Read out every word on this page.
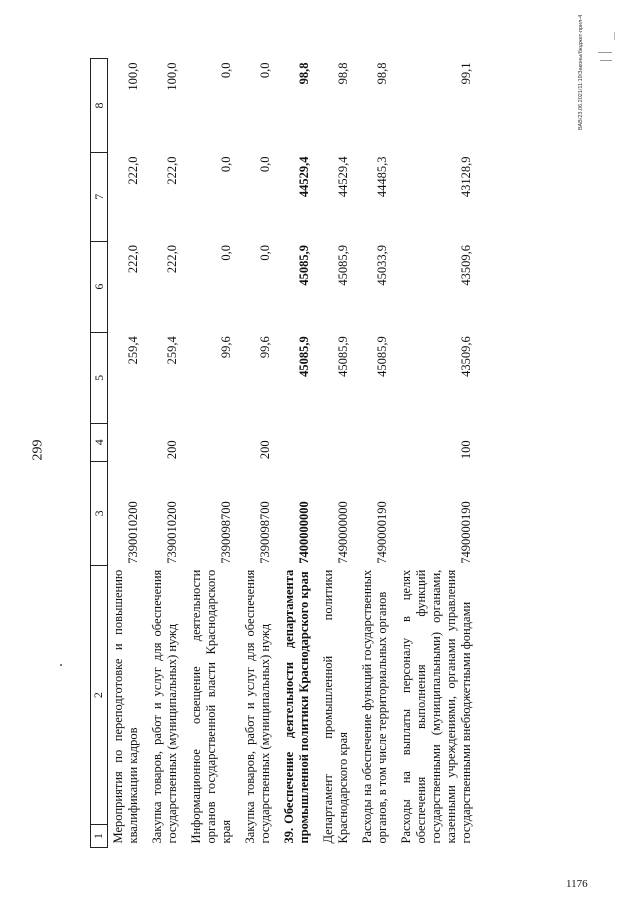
299
ВАВ/23.06.2021/11:19/Законы/бюджет-прил-4
1176
1
2	3	4	5	6	7	8

Мероприятия по переподготовке и повышению квалификации кадров	7390010200		259,4	222,0	222,0	100,0

Закупка товаров, работ и услуг для обеспечения государственных (муниципальных) нужд	7390010200	200	259,4	222,0	222,0	100,0

Информационное освещение деятельности органов государственной власти Краснодарского края	7390098700		99,6	0,0	0,0	0,0

Закупка товаров, работ и услуг для обеспечения государственных (муниципальных) нужд	7390098700	200	99,6	0,0	0,0	0,0

39.Обеспечение деятельности департамента промышленной политики Краснодарского края	7400000000		45085,9	45085,9	44529,4	98,8

Департамент промышленной политики Краснодарского края	7490000000		45085,9	45085,9	44529,4	98,8

Расходы на обеспечение функций государственных органов, в том числе территориальных органов	7490000190		45085,9	45033,9	44485,3	98,8

Расходы на выплаты персоналу в целях обеспечения выполнения функций государственными (муниципальными) органами, казенными учреждениями, органами управления государственными внебюджетными фондами	7490000190	100	43509,6	43509,6	43128,9	99,1
